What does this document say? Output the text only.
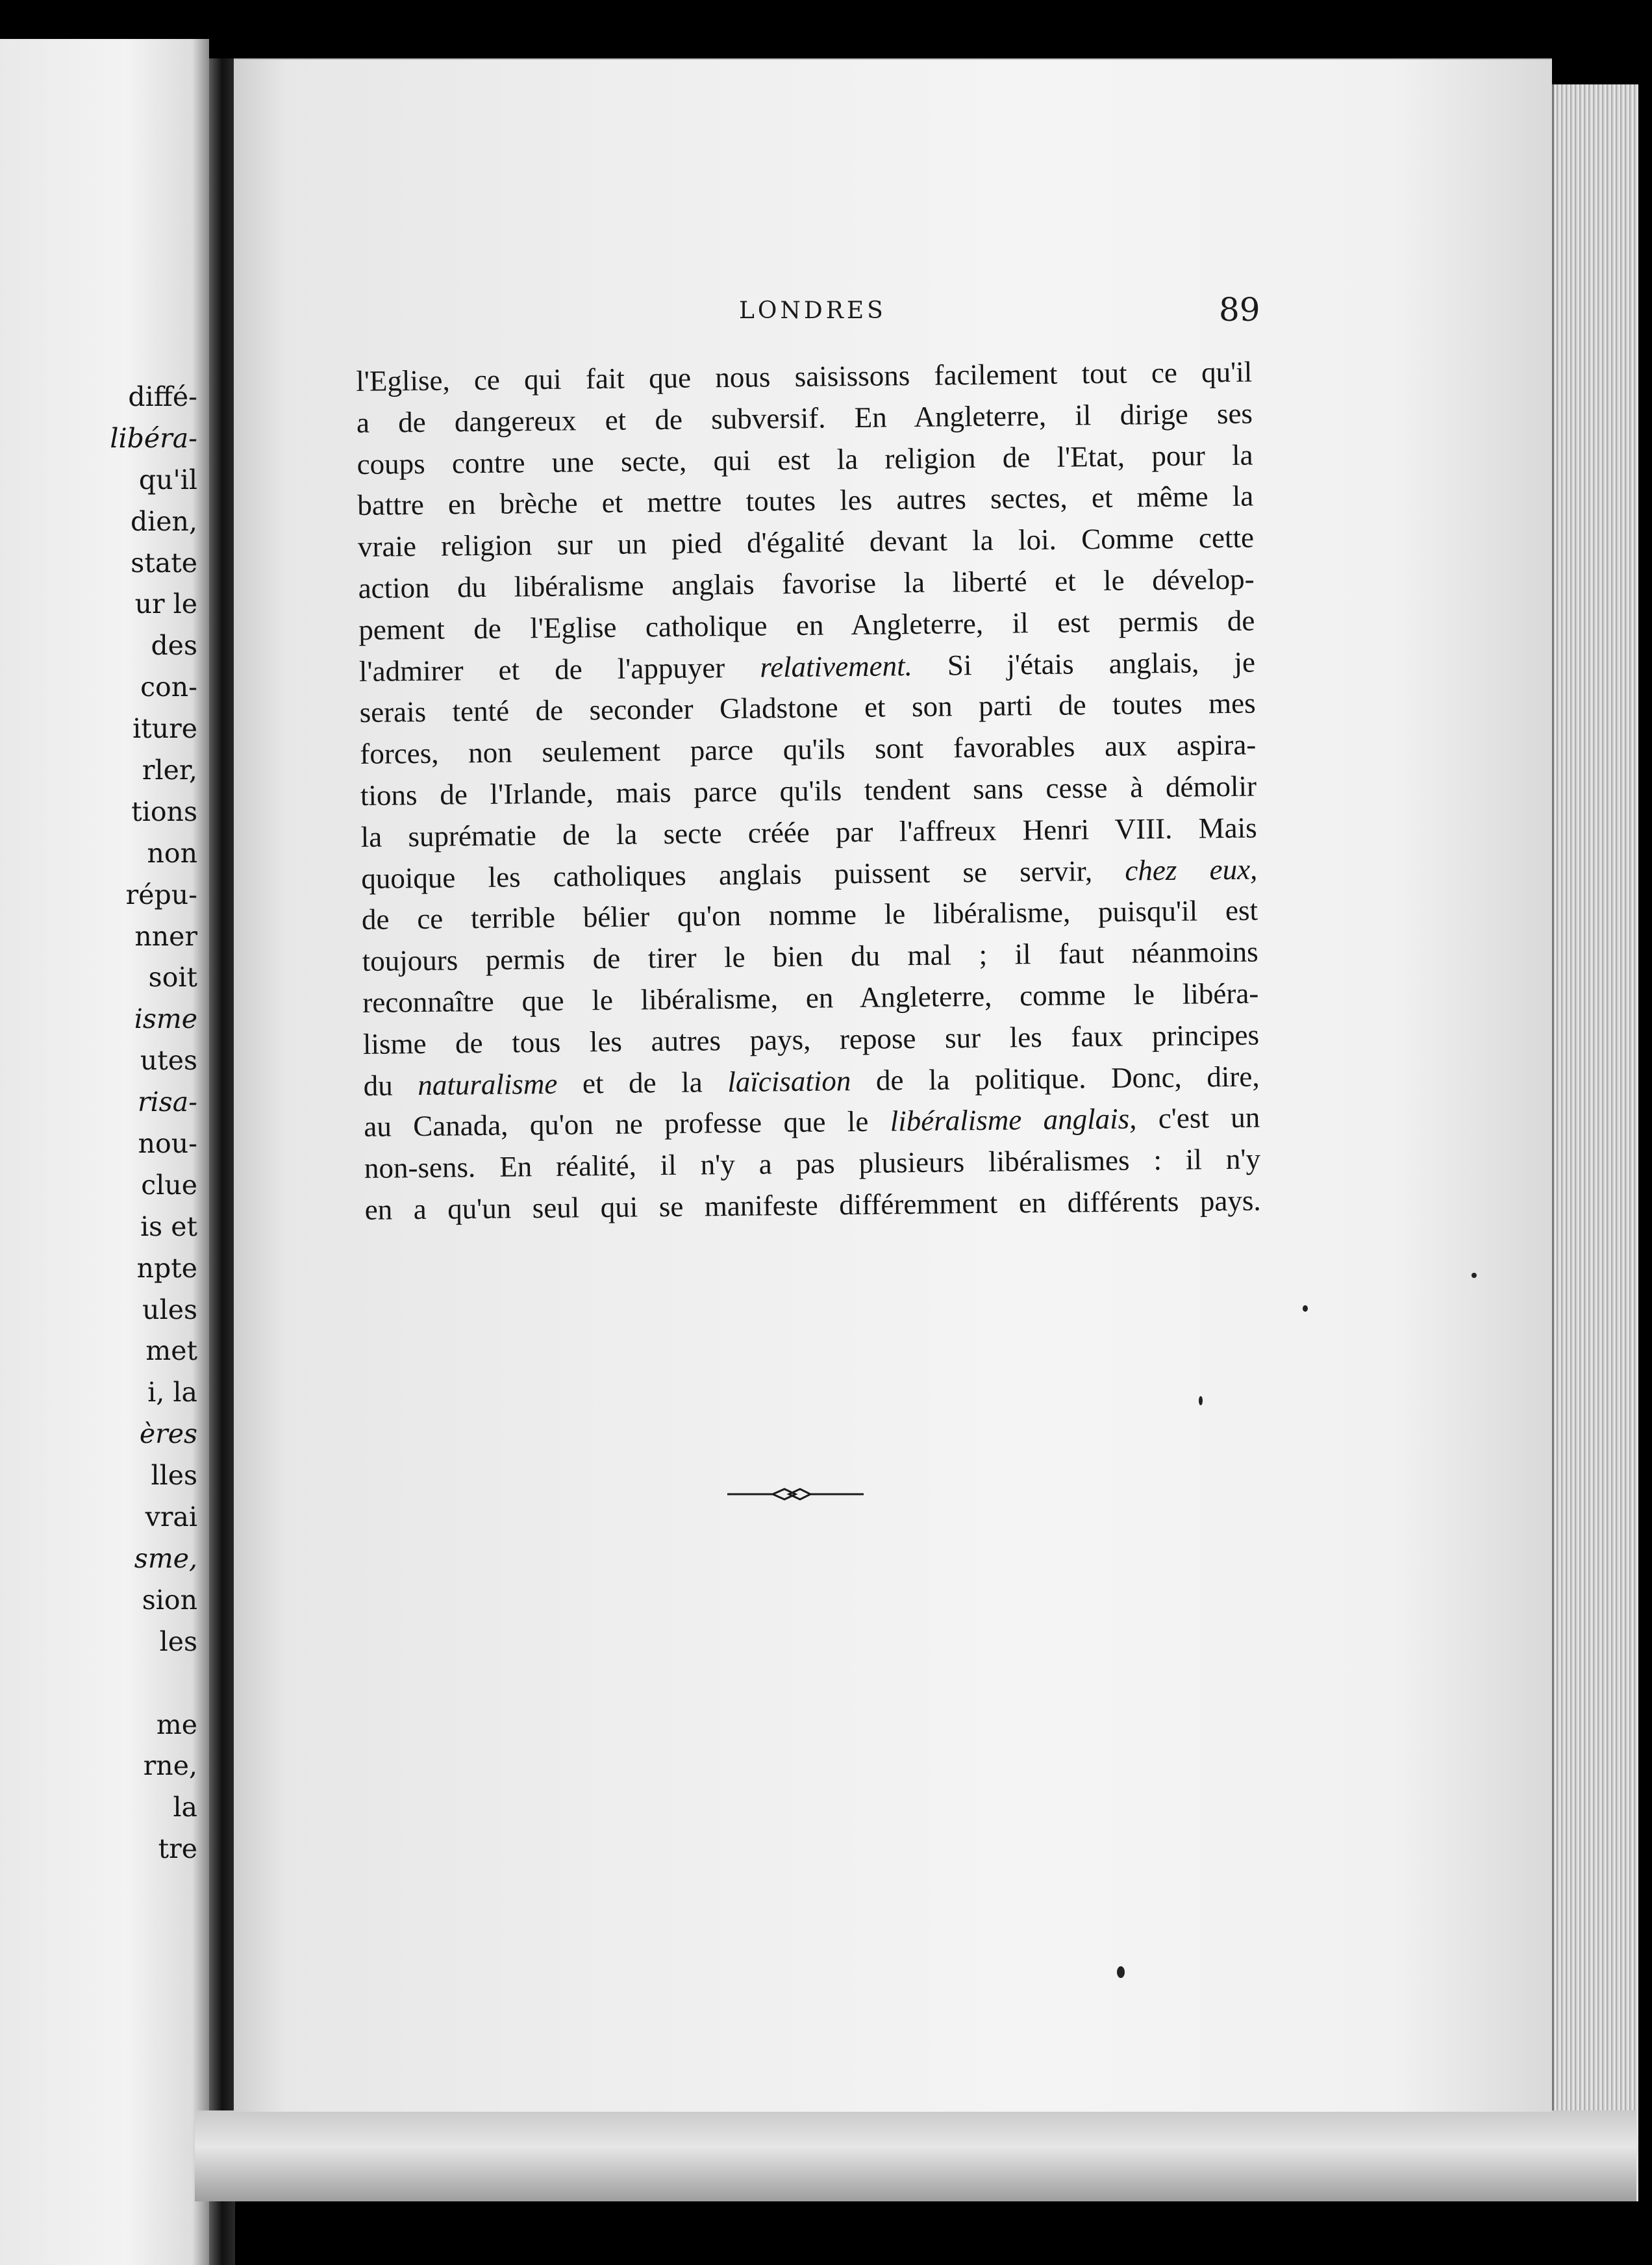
diffé-
libéra-
qu'il
dien,
state
ur le
des
con-
iture
rler,
tions
non
répu-
nner
soit
isme
utes
risa-
nou-
clue
is et
npte
ules
met
i, la
ères
lles
vrai
sme,
sion
les
me
rne,
la
tre
LONDRES	89
l'Eglise, ce qui fait que nous saisissons facilement tout ce qu'il
a de dangereux et de subversif. En Angleterre, il dirige ses
coups contre une secte, qui est la religion de l'Etat, pour la
battre en brèche et mettre toutes les autres sectes, et même la
vraie religion sur un pied d'égalité devant la loi. Comme cette
action du libéralisme anglais favorise la liberté et le dévelop-
pement de l'Eglise catholique en Angleterre, il est permis de
l'admirer et de l'appuyer relativement. Si j'étais anglais, je
serais tenté de seconder Gladstone et son parti de toutes mes
forces, non seulement parce qu'ils sont favorables aux aspira-
tions de l'Irlande, mais parce qu'ils tendent sans cesse à démolir
la suprématie de la secte créée par l'affreux Henri VIII. Mais
quoique les catholiques anglais puissent se servir, chez eux,
de ce terrible bélier qu'on nomme le libéralisme, puisqu'il est
toujours permis de tirer le bien du mal ; il faut néanmoins
reconnaître que le libéralisme, en Angleterre, comme le libéra-
lisme de tous les autres pays, repose sur les faux principes
du naturalisme et de la laïcisation de la politique. Donc, dire,
au Canada, qu'on ne professe que le libéralisme anglais, c'est un
non-sens. En réalité, il n'y a pas plusieurs libéralismes : il n'y
en a qu'un seul qui se manifeste différemment en différents pays.
